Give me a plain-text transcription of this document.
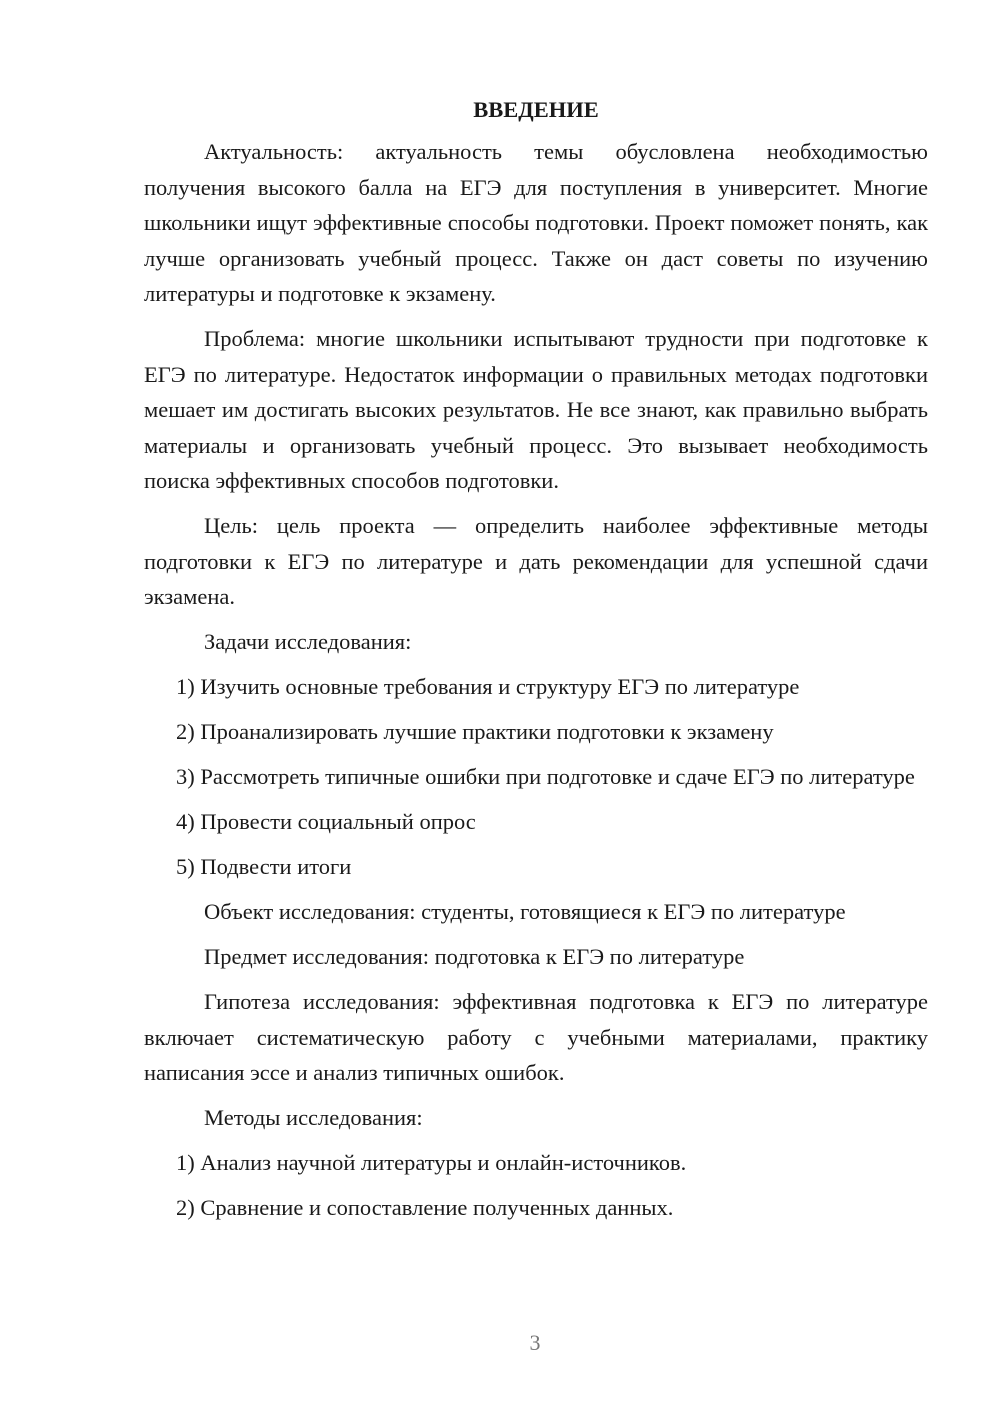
ВВЕДЕНИЕ

Актуальность: актуальность темы обусловлена необходимостью получения высокого балла на ЕГЭ для поступления в университет. Многие школьники ищут эффективные способы подготовки. Проект поможет понять, как лучше организовать учебный процесс. Также он даст советы по изучению литературы и подготовке к экзамену.

Проблема: многие школьники испытывают трудности при подготовке к ЕГЭ по литературе. Недостаток информации о правильных методах подготовки мешает им достигать высоких результатов. Не все знают, как правильно выбрать материалы и организовать учебный процесс. Это вызывает необходимость поиска эффективных способов подготовки.

Цель: цель проекта — определить наиболее эффективные методы подготовки к ЕГЭ по литературе и дать рекомендации для успешной сдачи экзамена.

Задачи исследования:

1) Изучить основные требования и структуру ЕГЭ по литературе

2) Проанализировать лучшие практики подготовки к экзамену

3) Рассмотреть типичные ошибки при подготовке и сдаче ЕГЭ по литературе

4) Провести социальный опрос

5) Подвести итоги

Объект исследования: студенты, готовящиеся к ЕГЭ по литературе

Предмет исследования: подготовка к ЕГЭ по литературе

Гипотеза исследования: эффективная подготовка к ЕГЭ по литературе включает систематическую работу с учебными материалами, практику написания эссе и анализ типичных ошибок.

Методы исследования:

1) Анализ научной литературы и онлайн-источников.

2) Сравнение и сопоставление полученных данных.

3
